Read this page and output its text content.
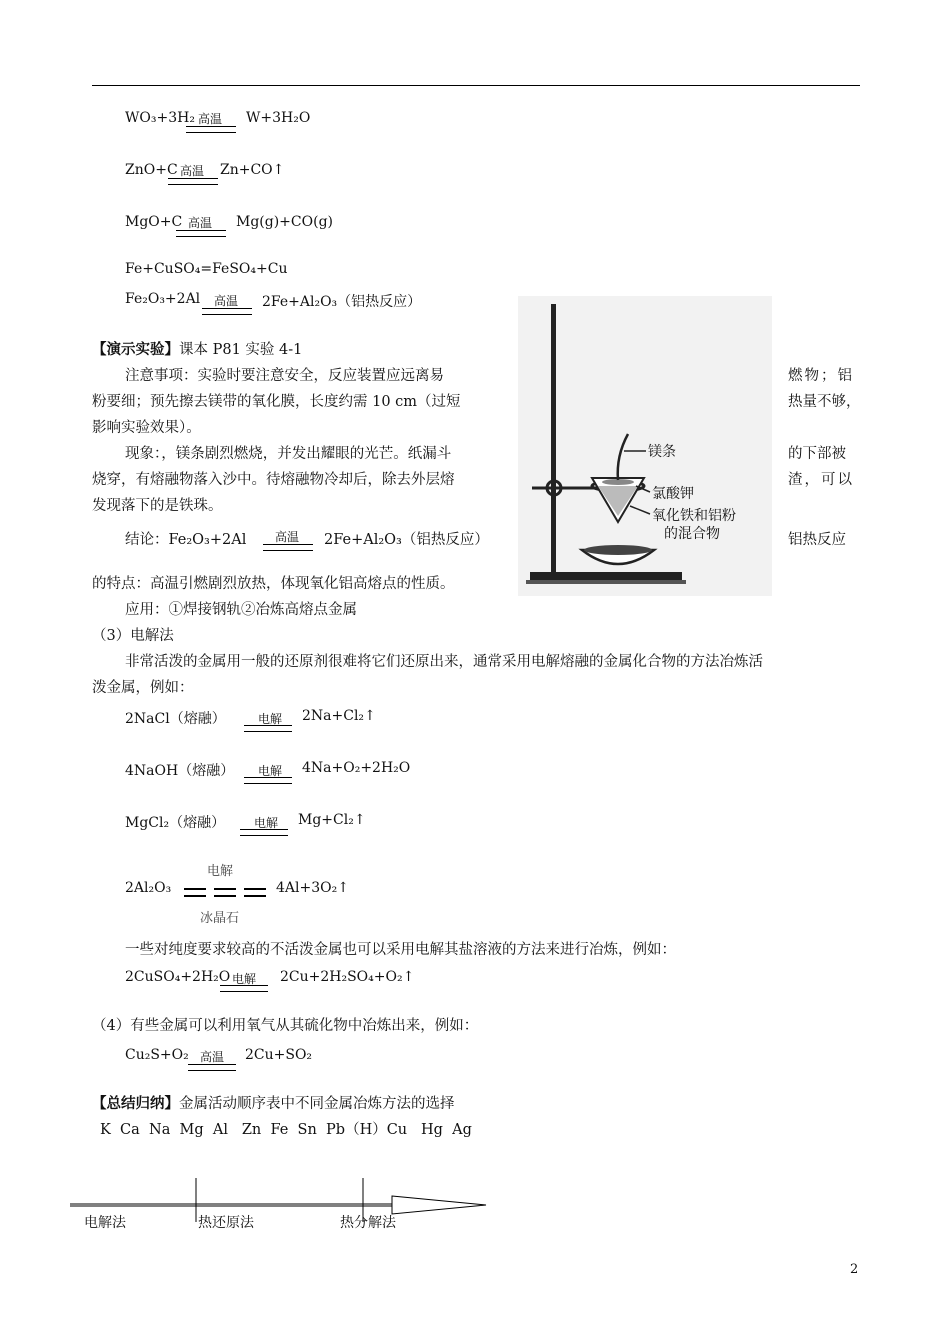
WO₃+3H₂ 高温 W+3H₂O
ZnO+C 高温 Zn+CO↑
MgO+C 高温 Mg(g)+CO(g)
Fe+CuSO₄=FeSO₄+Cu
Fe₂O₃+2Al 高温 2Fe+Al₂O₃（铝热反应）
【演示实验】课本 P81 实验 4-1
注意事项：实验时要注意安全，反应装置应远离易	燃物；铝
粉要细；预先擦去镁带的氧化膜，长度约需 10 cm（过短	热量不够，
影响实验效果）。
现象：，镁条剧烈燃烧，并发出耀眼的光芒。纸漏斗	的下部被
烧穿，有熔融物落入沙中。待熔融物冷却后，除去外层熔	渣，可以
发现落下的是铁珠。
结论：Fe₂O₃+2Al 高温 2Fe+Al₂O₃（铝热反应）	铝热反应
的特点：高温引燃剧烈放热，体现氧化铝高熔点的性质。
应用：①焊接钢轨②冶炼高熔点金属
镁条
氯酸钾
氧化铁和铝粉
的混合物
（3）电解法
非常活泼的金属用一般的还原剂很难将它们还原出来，通常采用电解熔融的金属化合物的方法冶炼活
泼金属，例如：
2NaCl（熔融）	电解 2Na+Cl₂↑
4NaOH（熔融） 电解 4Na+O₂+2H₂O
MgCl₂（熔融） 电解 Mg+Cl₂↑
2Al₂O₃
电解
冰晶石
4Al+3O₂↑
一些对纯度要求较高的不活泼金属也可以采用电解其盐溶液的方法来进行冶炼，例如：
2CuSO₄+2H₂O 电解 2Cu+2H₂SO₄+O₂↑
（4）有些金属可以利用氧气从其硫化物中冶炼出来，例如：
Cu₂S+O₂ 高温 2Cu+SO₂
【总结归纳】金属活动顺序表中不同金属冶炼方法的选择
K  Ca  Na  Mg  Al   Zn  Fe  Sn  Pb（H）Cu   Hg  Ag
电解法	热还原法	热分解法
2
